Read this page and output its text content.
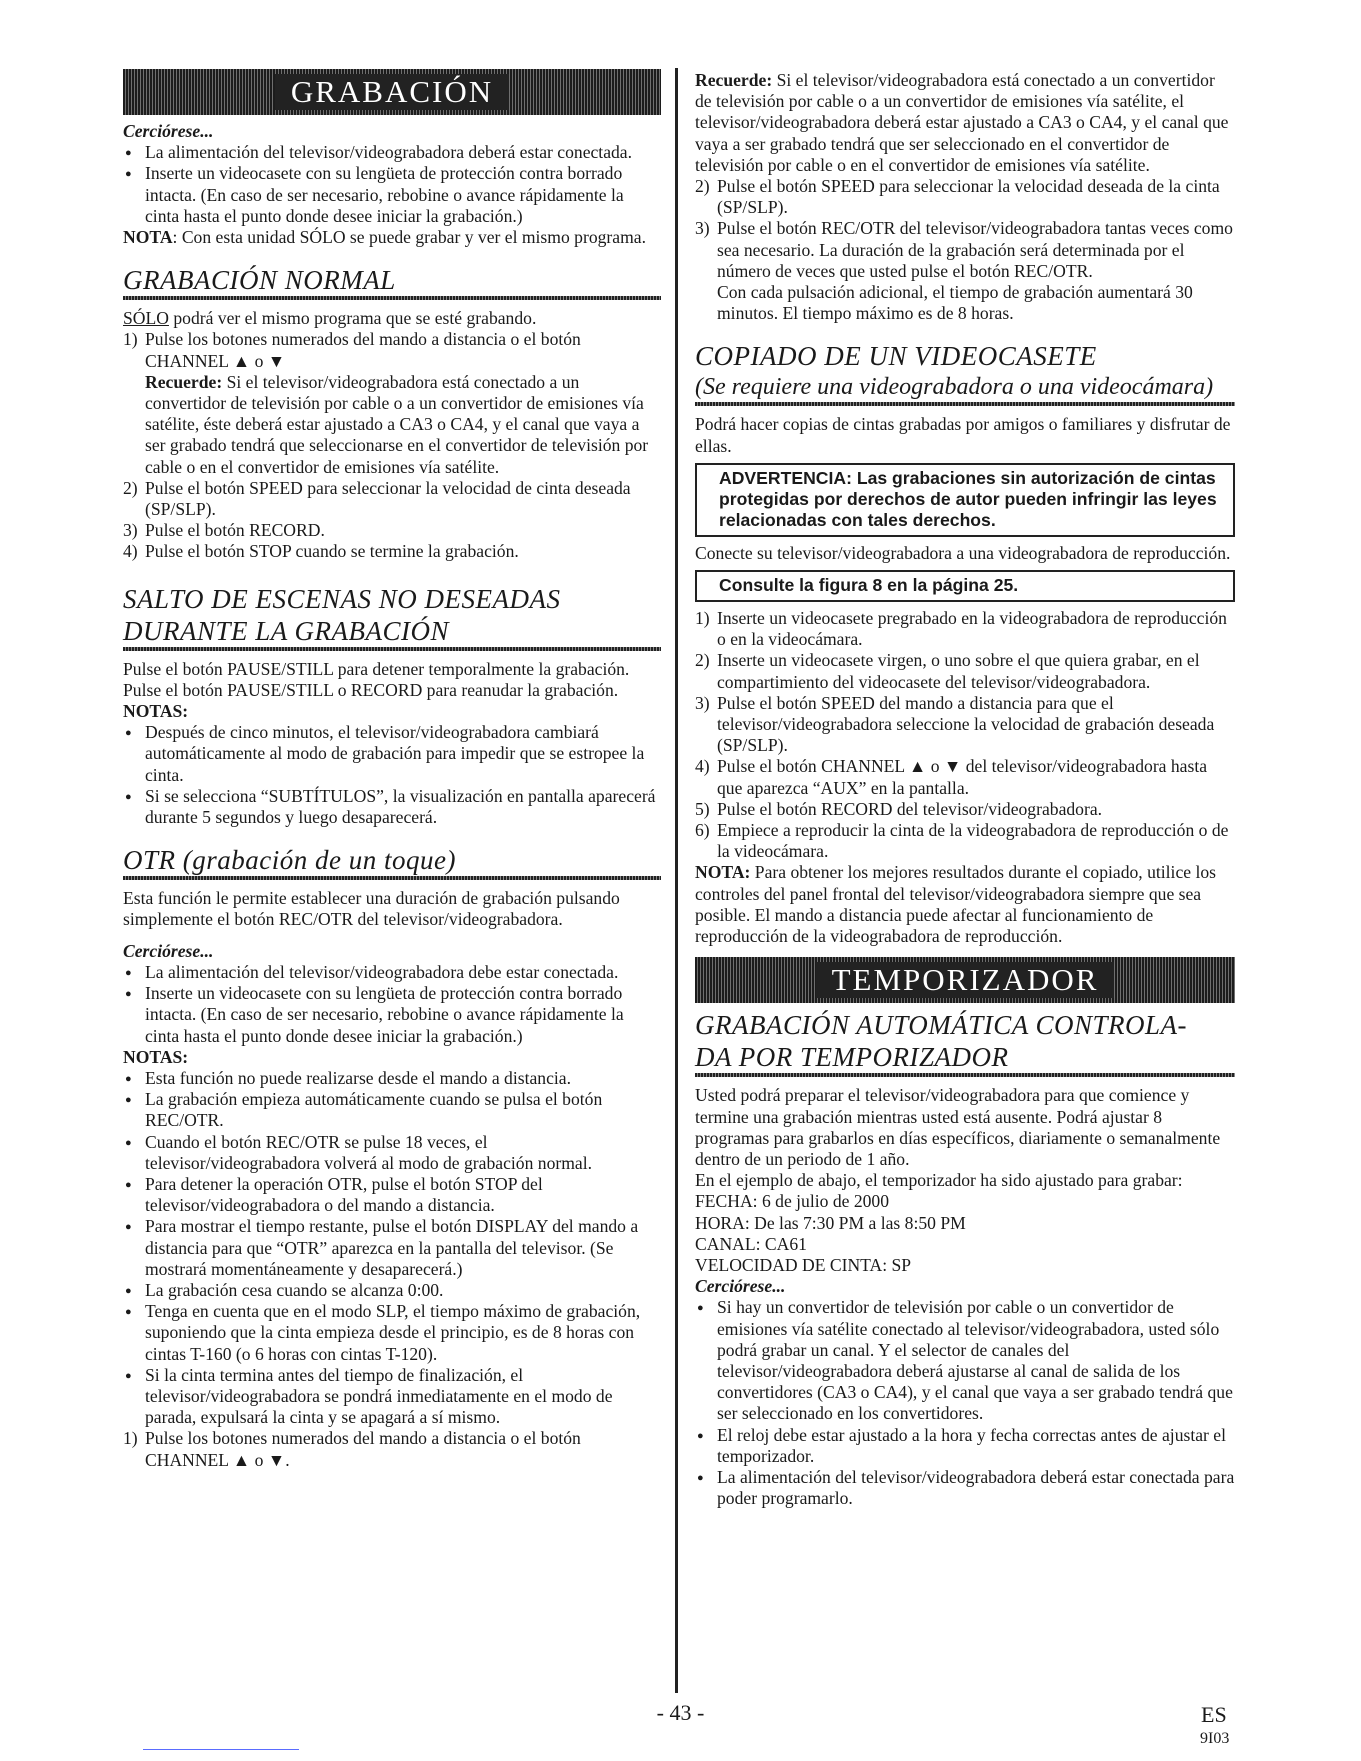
GRABACIÓN

Cerciórese...

● La alimentación del televisor/videograbadora deberá estar conectada.
● Inserte un videocasete con su lengüeta de protección contra borrado intacta. (En caso de ser necesario, rebobine o avance rápidamente la cinta hasta el punto donde desee iniciar la grabación.)

NOTA: Con esta unidad SÓLO se puede grabar y ver el mismo programa.

GRABACIÓN NORMAL

SÓLO podrá ver el mismo programa que se esté grabando.

1) Pulse los botones numerados del mando a distancia o el botón CHANNEL ▲ o ▼
Recuerde: Si el televisor/videograbadora está conectado a un convertidor de televisión por cable o a un convertidor de emisiones vía satélite, éste deberá estar ajustado a CA3 o CA4, y el canal que vaya a ser grabado tendrá que seleccionarse en el convertidor de televisión por cable o en el convertidor de emisiones vía satélite.
2) Pulse el botón SPEED para seleccionar la velocidad de cinta deseada (SP/SLP).
3) Pulse el botón RECORD.
4) Pulse el botón STOP cuando se termine la grabación.
SALTO DE ESCENAS NO DESEADAS
DURANTE LA GRABACIÓN

Pulse el botón PAUSE/STILL para detener temporalmente la grabación.

Pulse el botón PAUSE/STILL o RECORD para reanudar la grabación.

NOTAS:

● Después de cinco minutos, el televisor/videograbadora cambiará automáticamente al modo de grabación para impedir que se estropee la cinta.
● Si se selecciona “SUBTÍTULOS”, la visualización en pantalla aparecerá durante 5 segundos y luego desaparecerá.
OTR (grabación de un toque)

Esta función le permite establecer una duración de grabación pulsando simplemente el botón REC/OTR del televisor/videograbadora.

Cerciórese...

● La alimentación del televisor/videograbadora debe estar conectada.
● Inserte un videocasete con su lengüeta de protección contra borrado intacta. (En caso de ser necesario, rebobine o avance rápidamente la cinta hasta el punto donde desee iniciar la grabación.)

NOTAS:

● Esta función no puede realizarse desde el mando a distancia.
● La grabación empieza automáticamente cuando se pulsa el botón REC/OTR.
● Cuando el botón REC/OTR se pulse 18 veces, el televisor/videograbadora volverá al modo de grabación normal.
● Para detener la operación OTR, pulse el botón STOP del televisor/videograbadora o del mando a distancia.
● Para mostrar el tiempo restante, pulse el botón DISPLAY del mando a distancia para que “OTR” aparezca en la pantalla del televisor. (Se mostrará momentáneamente y desaparecerá.)
● La grabación cesa cuando se alcanza 0:00.
● Tenga en cuenta que en el modo SLP, el tiempo máximo de grabación, suponiendo que la cinta empieza desde el principio, es de 8 horas con cintas T-160 (o 6 horas con cintas T-120).
● Si la cinta termina antes del tiempo de finalización, el televisor/videograbadora se pondrá inmediatamente en el modo de parada, expulsará la cinta y se apagará a sí mismo.
1) Pulse los botones numerados del mando a distancia o el botón CHANNEL ▲ o ▼.

Recuerde: Si el televisor/videograbadora está conectado a un convertidor de televisión por cable o a un convertidor de emisiones vía satélite, el televisor/videograbadora deberá estar ajustado a CA3 o CA4, y el canal que vaya a ser grabado tendrá que ser seleccionado en el convertidor de televisión por cable o en el convertidor de emisiones vía satélite.

2) Pulse el botón SPEED para seleccionar la velocidad deseada de la cinta (SP/SLP).
3) Pulse el botón REC/OTR del televisor/videograbadora tantas veces como sea necesario. La duración de la grabación será determinada por el número de veces que usted pulse el botón REC/OTR.

Con cada pulsación adicional, el tiempo de grabación aumentará 30 minutos. El tiempo máximo es de 8 horas.

COPIADO DE UN VIDEOCASETE
(Se requiere una videograbadora o una videocámara)

Podrá hacer copias de cintas grabadas por amigos o familiares y disfrutar de ellas.

ADVERTENCIA: Las grabaciones sin autorización de cintas protegidas por derechos de autor pueden infringir las leyes relacionadas con tales derechos.

Conecte su televisor/videograbadora a una videograbadora de reproducción.

Consulte la figura 8 en la página 25.
1) Inserte un videocasete pregrabado en la videograbadora de reproducción o en la videocámara.
2) Inserte un videocasete virgen, o uno sobre el que quiera grabar, en el compartimiento del videocasete del televisor/videograbadora.
3) Pulse el botón SPEED del mando a distancia para que el televisor/videograbadora seleccione la velocidad de grabación deseada (SP/SLP).
4) Pulse el botón CHANNEL ▲ o ▼ del televisor/videograbadora hasta que aparezca “AUX” en la pantalla.
5) Pulse el botón RECORD del televisor/videograbadora.
6) Empiece a reproducir la cinta de la videograbadora de reproducción o de la videocámara.

NOTA: Para obtener los mejores resultados durante el copiado, utilice los controles del panel frontal del televisor/videograbadora siempre que sea posible. El mando a distancia puede afectar al funcionamiento de reproducción de la videograbadora de reproducción.

TEMPORIZADOR
GRABACIÓN AUTOMÁTICA CONTROLA-
DA POR TEMPORIZADOR

Usted podrá preparar el televisor/videograbadora para que comience y termine una grabación mientras usted está ausente. Podrá ajustar 8 programas para grabarlos en días específicos, diariamente o semanalmente dentro de un periodo de 1 año.

En el ejemplo de abajo, el temporizador ha sido ajustado para grabar:

FECHA: 6 de julio de 2000

HORA: De las 7:30 PM a las 8:50 PM

CANAL: CA61

VELOCIDAD DE CINTA: SP

Cerciórese...

● Si hay un convertidor de televisión por cable o un convertidor de emisiones vía satélite conectado al televisor/videograbadora, usted sólo podrá grabar un canal. Y el selector de canales del televisor/videograbadora deberá ajustarse al canal de salida de los convertidores (CA3 o CA4), y el canal que vaya a ser grabado tendrá que ser seleccionado en los convertidores.
● El reloj debe estar ajustado a la hora y fecha correctas antes de ajustar el temporizador.
● La alimentación del televisor/videograbadora deberá estar conectada para poder programarlo.
- 43 -	ES
9I03
